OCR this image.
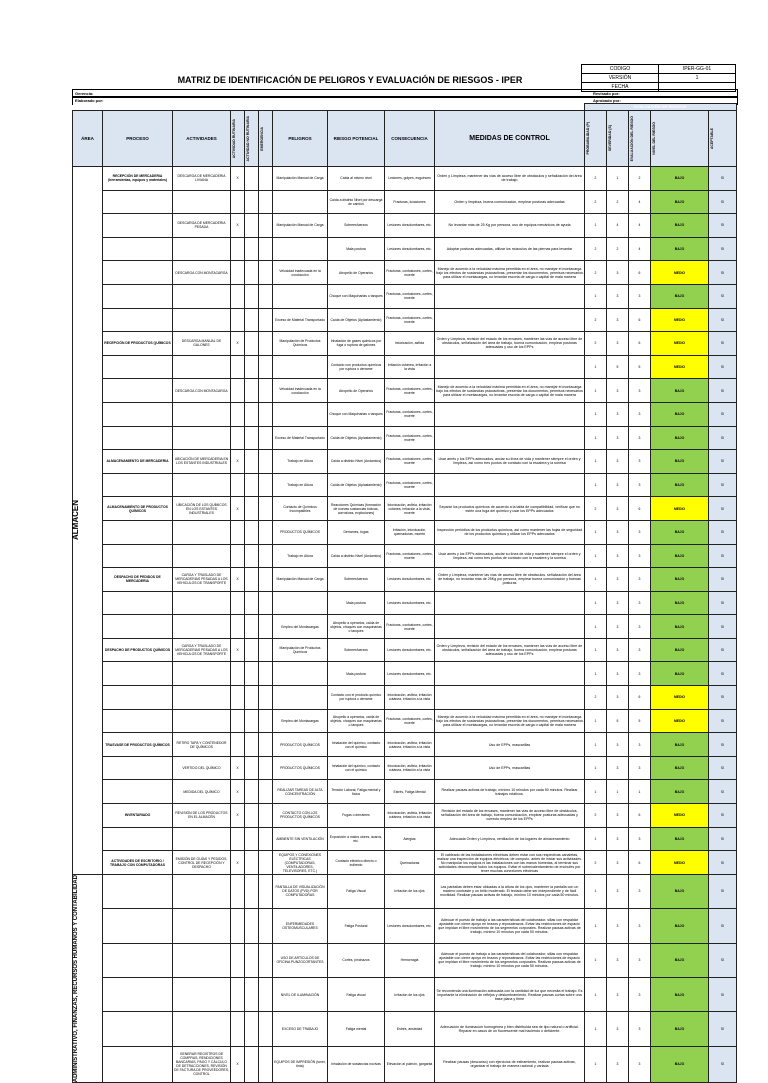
CODIGO	IPER-GG-01
VERSIÓN	1
FECHA
MATRIZ DE IDENTIFICACIÓN DE PELIGROS Y EVALUACIÓN DE RIESGOS - IPER
Gerencia:	Revisado por:
Elaborado por:	Aprobado por:
										EVALUACIÓN DE RIESGOS				
ÁREA	PROCESO	ACTIVIDADES	ACTIVIDAD RUTINARIA	ACTIVIDAD NO RUTINARIA	EMERGENCIA	PELIGROS	RIESGO POTENCIAL	CONSECUENCIA	MEDIDAS DE CONTROL	PROBABILIDAD (P)	SEVERIDAD (S)	EVALUACIÓN DEL RIESGO	NIVEL DEL RIESGO	ACEPTABLE

ALMACEN	RECEPCIÓN DE MERCADERIA (herramientas, equipos y materiales)	DESCARGA DE MERCADERIA LIVIANA	X			Manipulación Manual de Carga	Caída al mismo nivel	Lesiones, golpes, esguinces	Orden y Limpieza, mantener las vías de acceso libre de obstáculos y señalización del área de trabajo	2	1	2	BAJO	SI
							Caída a distinto Nivel por descarga de camión	Fracturas, luxaciones	Orden y limpieza, buena comunicación, emplear posturas adecuadas	2	2	4	BAJO	SI
		DESCARGA DE MERCADERIA PESADA	X			Manipulación Manual de Carga	Sobreesfuerzos	Lesiones dorsolumbares, etc.	No levantar más de 25 Kg por persona, uso de equipos mecánicos de ayuda	1	4	4	BAJO	SI
							Mala postura	Lesiones dorsolumbares, etc.	Adoptar posturas adecuadas, utilizar los músculos de las piernas para levantar	2	2	4	BAJO	SI
		DESCARGA CON MONTACARGA				Velocidad inadecuada en la conducción	Atropello de Operarios	Fracturas, contusiones, cortes, muerte	Manejo de acuerdo a la velocidad máxima permitida en el área, no manejar el montacarga bajo los efectos de sustancias psicoactivas, presentar los documentos, permisos necesarios para utilizar el montacargas, no levantar escoria de carga o capital de mala manera	2	3	6	MEDIO	SI
							Choque con Maquinarias o tanques	Fracturas, contusiones, cortes, muerte		1	3	3	BAJO	SI
						Exceso de Material Transportado	Caída de Objetos (Aplastamiento)	Fracturas, contusiones, cortes, muerte		2	3	6	MEDIO	SI
	RECEPCIÓN DE PRODUCTOS QUÍMICOS	DESCARGA MANUAL DE GALONES	X			Manipulación de Productos Químicos	Inhalación de gases químicos por fuga o ruptura de galones	Intoxicación, asfixia	Orden y Limpieza, revisión del estado de los envases, mantener las vías de acceso libre de obstáculos, señalización del área de trabajo, buena comunicación, emplear posturas adecuadas y uso de los EPPs	2	3	6	MEDIO	SI
							Contacto con productos químicos por ruptura o derrame	Irritación cutánea, irritación a la vista		1	5	5	MEDIO	SI
		DESCARGA CON MONTACARGA				Velocidad inadecuada en la conducción	Atropello de Operarios	Fracturas, contusiones, cortes, muerte	Manejo de acuerdo a la velocidad máxima permitida en el área, no manejar el montacarga bajo los efectos de sustancias psicoactivas, presentar los documentos, permisos necesarios para utilizar el montacargas, no levantar escoria de carga o capital de mala manera	1	3	3	BAJO	SI
							Choque con Maquinarias o tanques	Fracturas, contusiones, cortes, muerte		1	3	3	BAJO	SI
						Exceso de Material Transportado	Caída de Objetos (Aplastamiento)	Fracturas, contusiones, cortes, muerte		1	3	3	BAJO	SI
	ALMACENAMIENTO DE MERCADERIA	UBICACIÓN DE MERCADERIA EN LOS ESTANTES INDUSTRIALES	X			Trabajo en Altura	Caída a distinto Nivel (Andamios)	Fracturas, contusiones, cortes, muerte	Usar arnés y los EPPs adecuados, anclar su línea de vida y mantener siempre el orden y limpieza, así como tres puntos de contacto con la escalera y la sonrisa	1	3	3	BAJO	SI
						Trabajo en Altura	Caída de Objetos (Aplastamiento)	Fracturas, contusiones, cortes, muerte		1	3	3	BAJO	SI
	ALMACENAMIENTO DE PRODUCTOS QUÍMICOS	UBICACIÓN DE LOS QUÍMICOS EN LOS ESTANTES INDUSTRIALES	X			Contacto de Químicos Incompatibles	Reacciones Químicas (formación de nuevas sustancias tóxicas, corrosivas, explosiones)	Intoxicación, asfixia, irritación cutánea, irritación a la vista, muerte	Separar los productos químicos de acuerdo a la tabla de compatibilidad, verificar que no estén una fuga del químico y usar los EPPs adecuados	2	3	6	MEDIO	SI
						PRODUCTOS QUÍMICOS	Derrames, fugas	Irritación, intoxicación, quemaduras, muerte	Inspección periódica de los productos químicos, así como mantener las hojas de seguridad de los productos químicos y utilizar los EPPs adecuados	1	3	3	BAJO	SI
						Trabajo en Altura	Caída a distinto Nivel (Andamios)	Fracturas, contusiones, cortes, muerte	Usar arnés y los EPPs adecuados, anclar su línea de vida y mantener siempre el orden y limpieza, así como tres puntos de contacto con la escalera y la sonrisa	1	3	3	BAJO	SI
	DESPACHO DE PEDIDOS DE MERCADERIA	CARGA Y TRASLADO DE MERCADERIAS PESADAS A LOS VEHICULOS DE TRANSPORTE	X			Manipulación Manual de Carga	Sobreesfuerzos	Lesiones dorsolumbares, etc.	Orden y Limpieza, mantener las vías de acceso libre de obstáculos, señalización del área de trabajo, no levantar más de 25Kg por persona, emplear buena comunicación y buenas posturas	1	3	3	BAJO	SI
							Mala postura	Lesiones dorsolumbares, etc.		1	3	3	BAJO	SI
						Empleo del Montacargas	Atropello a operarios, caída de objetos, choques con maquinarias o tanques	Fracturas, contusiones, cortes, muerte		1	3	3	BAJO	SI
	DESPACHO DE PRODUCTOS QUÍMICOS	CARGA Y TRASLADO DE MERCADERIAS PESADAS A LOS VEHICULOS DE TRANSPORTE	X			Manipulación de Productos Químicos	Sobreesfuerzos	Lesiones dorsolumbares, etc.	Orden y Limpieza, revisión del estado de los envases, mantener las vías de acceso libre de obstáculos, señalización del área de trabajo, buena comunicación, emplear posturas adecuadas y uso de los EPPs	1	3	3	BAJO	SI
							Mala postura	Lesiones dorsolumbares, etc.		1	3	3	BAJO	SI
							Contacto con el producto químico por ruptura o derrame	Intoxicación, asfixia, irritación cutánea, irritación a la vista		2	3	6	MEDIO	SI
						Empleo del Montacargas	Atropello a operarios, caída de objetos, choques con maquinarias o tanques	Fracturas, contusiones, cortes, muerte	Manejo de acuerdo a la velocidad máxima permitida en el área, no manejar el montacarga bajo los efectos de sustancias psicoactivas, presentar los documentos, permisos necesarios para utilizar el montacargas, no levantar escoria de carga o capital de mala manera	1	5	5	MEDIO	SI
	TRASVASE DE PRODUCTOS QUÍMICOS	RETIRO TAPA Y CONTENEDOR DE QUÍMICOS				PRODUCTOS QUÍMICOS	Inhalación del químico, contacto con el químico	Intoxicación, asfixia, irritación cutánea, irritación a la vista	Uso de EPPs, mascarillas	1	3	3	BAJO	SI
		VERTIDO DEL QUÍMICO	X			PRODUCTOS QUÍMICOS	Inhalación del químico, contacto con el químico	Intoxicación, asfixia, irritación cutánea, irritación a la vista	Uso de EPPs, mascarillas	1	3	3	BAJO	SI
		MEDIDA DEL QUÍMICO	X			REALIZAR TAREAS DE ALTA CONCENTRACIÓN	Tensión Laboral, Fatiga mental y física	Estrés, Fatiga Mental	Realizar pausas activas de trabajo, mínimo 10 minutos por cada 50 minutos. Realizar trabajos rotativos.	1	1	1	BAJO	SI
	INVENTARIADO	REVISIÓN DE LOS PRODUCTOS EN EL ALMACÉN	X			CONTACTO CON LOS PRODUCTOS QUÍMICOS	Fugas o derrames	Intoxicación, asfixia, irritación cutánea, irritación a la vista	Revisión del estado de los envases, mantener las vías de acceso libre de obstáculos, señalización del área de trabajo, buena comunicación, emplear posturas adecuadas y correcto empleo de los EPPs	2	3	6	MEDIO	SI
						AMBIENTE SIN VENTILACIÓN	Exposición a malos olores, ácaros, etc.	Alergias	Adecuada Orden y Limpieza, ventilación de los lugares de almacenamiento	1	3	3	BAJO	SI
	ACTIVIDADES DE ESCRITORIO / TRABAJO CON COMPUTADORAS	EMISIÓN DE GUÍAS Y PEDIDOS, CONTROL DE RECEPCIÓN Y DESPACHO	X			EQUIPOS Y CONEXIONES ELÉCTRICAS (COMPUTADORAS, VENTILADORES, TELEVISORES, ETC.)	Contacto eléctrico directo o indirecto	Quemaduras	El cableado de las instalaciones eléctricas deben estar con sus respectivas canaletas, realizar una inspección de equipos eléctricos; de computo, antes de iniciar sus actividades. No manipular los equipos ni las instalaciones con las manos húmedas, al terminar sus actividades desconectar todos los equipos. Evitar el sobrecalentamiento de enchufes por tener muchas conexiones eléctricas	2	3	6	MEDIO	SI

ADMINISTRATIVO, FINANZAS, RECURSOS HUMANOS Y CONTABILIDAD						PANTALLA DE VISUALIZACIÓN DE DATOS (PVD) POR COMPUTADORAS	Fatiga Visual	Irritación de los ojos	Las pantallas deben estar ubicadas a la altura de los ojos, mantener la pantalla con un máximo contraste y un brillo moderado. El teclado debe ser independiente y de fácil movilidad. Realizar pausas activas de trabajo, mínimo 10 minutos por cada 50 minutos.	1	3	3	BAJO	SI
						ENFERMEDADES OSTEOMUSCULARES	Fatiga Postural	Lesiones dorsolumbares, etc.	Adecuar el puesto de trabajo a las características del colaborador, sillas con respaldar ajustable con cierre apoyo en brazos y reposabrazos. Evitar las restricciones de espacio que impidan el libre movimiento de los segmentos corporales. Realizar pausas activas de trabajo, mínimo 10 minutos por cada 50 minutos.	1	3	3	BAJO	SI
						USO DE ARTICULOS DE OFICINA PUNZOCORTANTES	Cortes, pinchazos	Hemorragia	Adecuar el puesto de trabajo a las características del colaborador, sillas con respaldar ajustable con cierre apoyo en brazos y reposabrazos. Evitar las restricciones de espacio que impidan el libre movimiento de los segmentos corporales. Realizar pausas activas de trabajo, mínimo 10 minutos por cada 50 minutos.	1	3	3	BAJO	SI
						NIVEL DE ILUMINACIÓN	Fatiga visual	Irritación de los ojos	Se recomienda una iluminación adecuada con la cantidad de luz que necesita el trabajo. Es importante la eliminación de reflejos y deslumbramiento. Realizar pausas cortas sobre una base plana y firme	1	3	3	BAJO	SI
						EXCESO DE TRABAJO	Fatiga mental	Estrés, ansiedad	Adecuación de iluminación homogénea y bien distribuida sea de tipo natural o artificial. Reparar en casos de un fluorescente mal haciendo o deficiente.	1	3	3	BAJO	SI
		GENERAR REGISTROS DE COMPRAS, RENDICIONES BANCARIAS, PAGO Y CÁLCULO DE DETRACCIONES, REVISIÓN DE FACTURA DE PROVEEDORES, CONTROL	X			EQUIPOS DE IMPRESIÓN (toner, tinta)	Inhalación de sustancias nocivas	Elevación al pulmón, garganta	Realizar pausas (descanso) con ejercicios de estiramiento, realizar pausas activas, organizar el trabajo de manera racional y variada	1	3	3	BAJO	SI
